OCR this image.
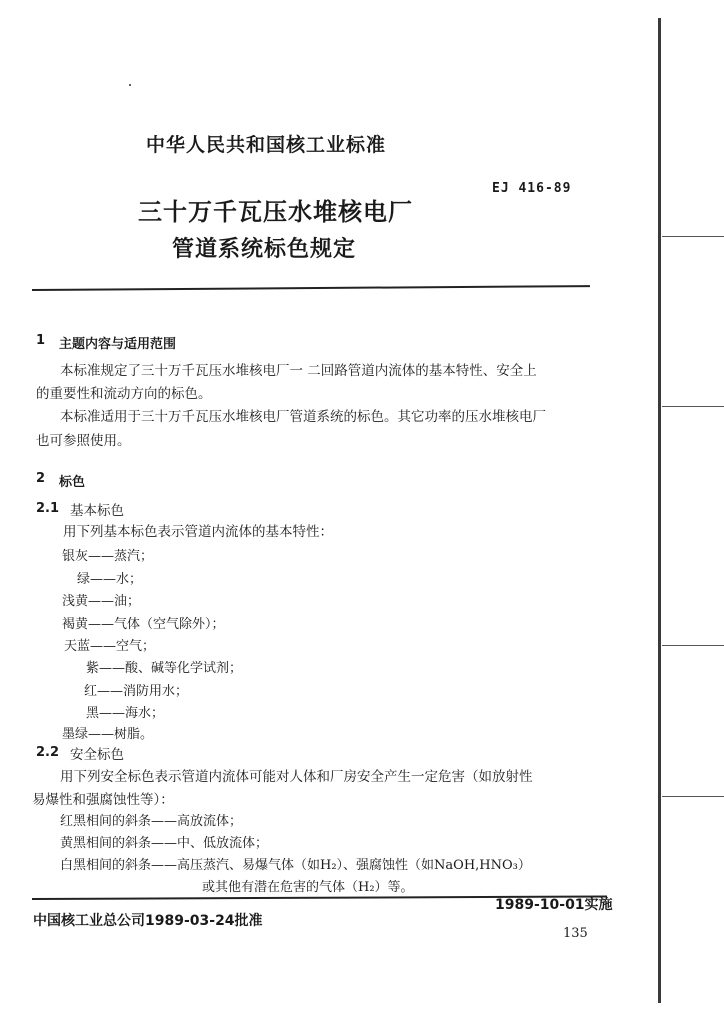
中华人民共和国核工业标准
EJ 416-89
三十万千瓦压水堆核电厂
管道系统标色规定
1 主题内容与适用范围
本标准规定了三十万千瓦压水堆核电厂一 二回路管道内流体的基本特性、安全上
的重要性和流动方向的标色。
本标准适用于三十万千瓦压水堆核电厂管道系统的标色。其它功率的压水堆核电厂
也可参照使用。
2 标色
2.1 基本标色
用下列基本标色表示管道内流体的基本特性：
银灰——蒸汽；
绿——水；
浅黄——油；
褐黄——气体（空气除外）；
天蓝——空气；
紫——酸、碱等化学试剂；
红——消防用水；
黑——海水；
墨绿——树脂。
2.2 安全标色
用下列安全标色表示管道内流体可能对人体和厂房安全产生一定危害（如放射性
易爆性和强腐蚀性等）：
红黑相间的斜条——高放流体；
黄黑相间的斜条——中、低放流体；
白黑相间的斜条——高压蒸汽、易爆气体（如H₂）、强腐蚀性（如NaOH,HNO₃）
或其他有潜在危害的气体（H₂）等。
中国核工业总公司1989-03-24批准
1989-10-01实施
135
